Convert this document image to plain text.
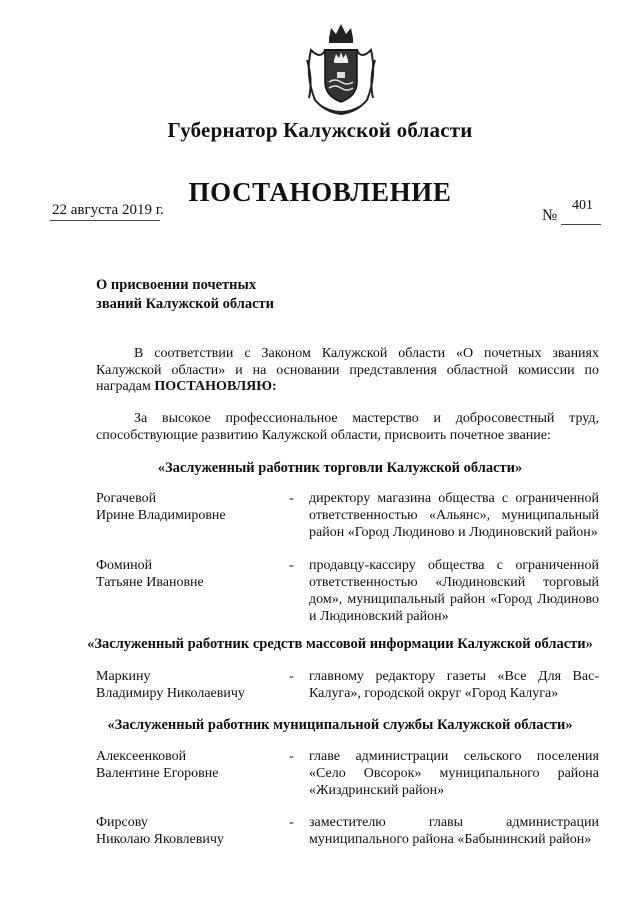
Губернатор Калужской области
ПОСТАНОВЛЕНИЕ
22 августа 2019 г.	№
401
О присвоении почетных званий Калужской области
В соответствии с Законом Калужской области «О почетных званиях Калужской области» и на основании представления областной комиссии по наградам ПОСТАНОВЛЯЮ:
За высокое профессиональное мастерство и добросовестный труд, способствующие развитию Калужской области, присвоить почетное звание:
«Заслуженный работник торговли Калужской области»
Рогачевой
Ирине Владимировне
- директору магазина общества с ограниченной ответственностью «Альянс», муниципальный район «Город Людиново и Людиновский район»
Фоминой
Татьяне Ивановне
- продавцу-кассиру общества с ограниченной ответственностью «Людиновский торговый дом», муниципальный район «Город Людиново и Людиновский район»
«Заслуженный работник средств массовой информации Калужской области»
Маркину
Владимиру Николаевичу
- главному редактору газеты «Все Для Вас-Калуга», городской округ «Город Калуга»
«Заслуженный работник муниципальной службы Калужской области»
Алексеенковой
Валентине Егоровне
- главе администрации сельского поселения «Село Овсорок» муниципального района «Жиздринский район»
Фирсову
Николаю Яковлевичу
- заместителю главы администрации муниципального района «Бабынинский район»
